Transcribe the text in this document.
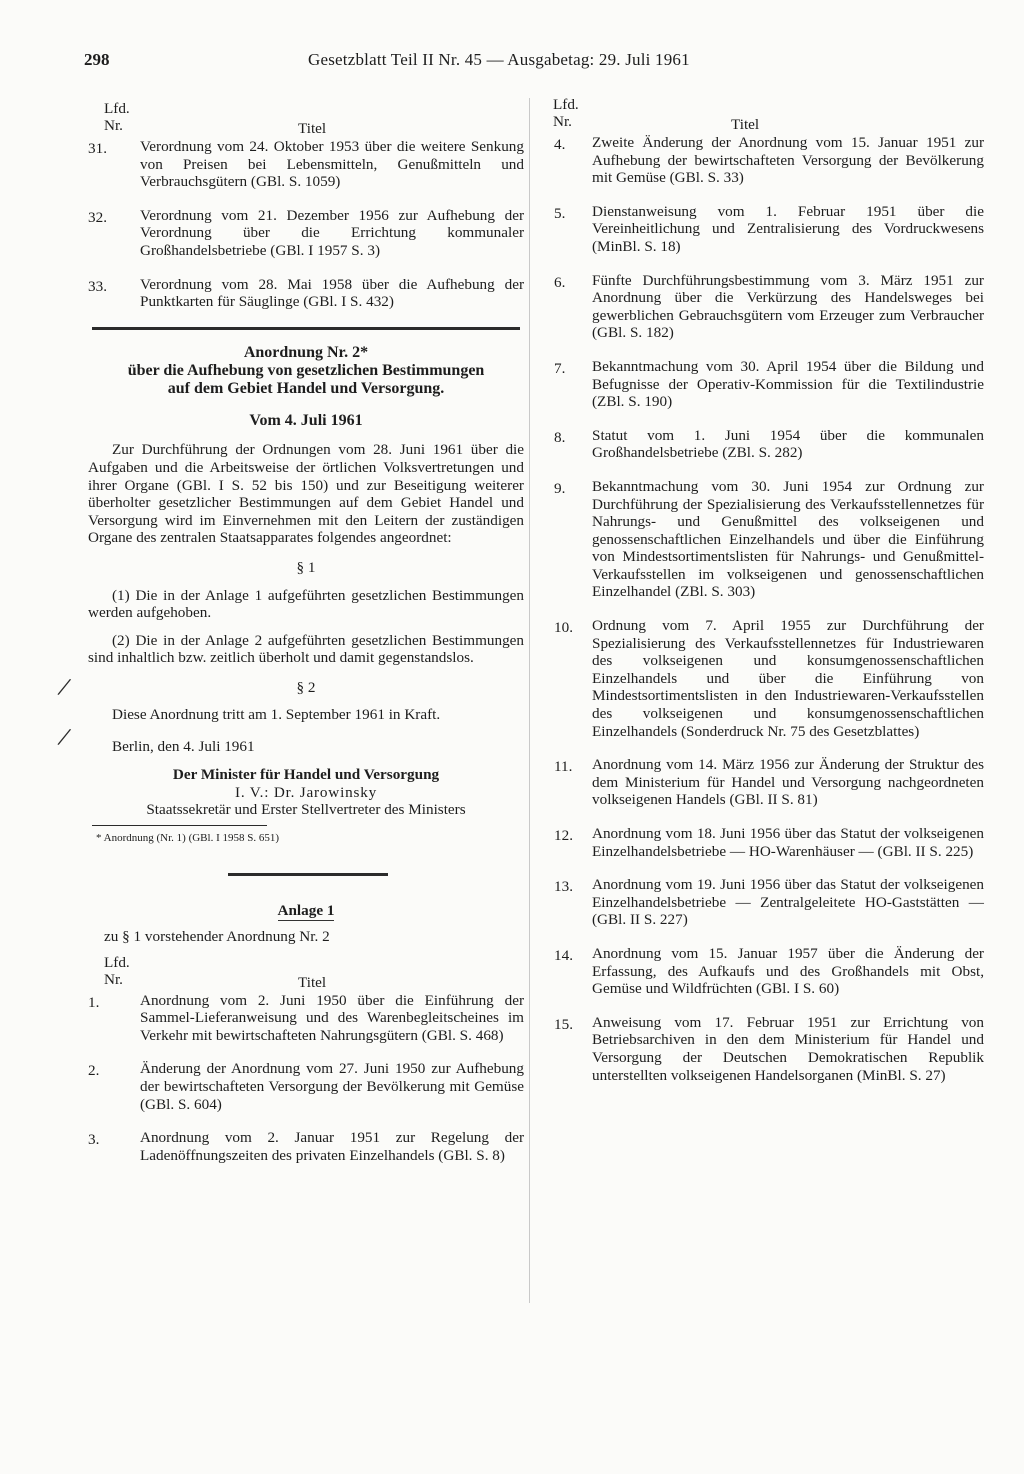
298	Gesetzblatt Teil II Nr. 45 — Ausgabetag: 29. Juli 1961
/
/
Lfd.
Nr.	Titel
31. Verordnung vom 24. Oktober 1953 über die weitere Senkung von Preisen bei Lebensmitteln, Genußmitteln und Verbrauchsgütern (GBl. S. 1059)
32. Verordnung vom 21. Dezember 1956 zur Aufhebung der Verordnung über die Errichtung kommunaler Großhandelsbetriebe (GBl. I 1957 S. 3)
33. Verordnung vom 28. Mai 1958 über die Aufhebung der Punktkarten für Säuglinge (GBl. I S. 432)
Anordnung Nr. 2*
über die Aufhebung von gesetzlichen Bestimmungen
auf dem Gebiet Handel und Versorgung.
Vom 4. Juli 1961

Zur Durchführung der Ordnungen vom 28. Juni 1961 über die Aufgaben und die Arbeitsweise der örtlichen Volksvertretungen und ihrer Organe (GBl. I S. 52 bis 150) und zur Beseitigung weiterer überholter gesetzlicher Bestimmungen auf dem Gebiet Handel und Versorgung wird im Einvernehmen mit den Leitern der zuständigen Organe des zentralen Staatsapparates folgendes angeordnet:

§ 1

(1) Die in der Anlage 1 aufgeführten gesetzlichen Bestimmungen werden aufgehoben.

(2) Die in der Anlage 2 aufgeführten gesetzlichen Bestimmungen sind inhaltlich bzw. zeitlich überholt und damit gegenstandslos.

§ 2

Diese Anordnung tritt am 1. September 1961 in Kraft.

Berlin, den 4. Juli 1961
Der Minister für Handel und Versorgung
I. V.: Dr. Jarowinsky
Staatssekretär und Erster Stellvertreter des Ministers
* Anordnung (Nr. 1) (GBl. I 1958 S. 651)
Anlage 1
zu § 1 vorstehender Anordnung Nr. 2
Lfd.
Nr.	Titel
1.	Anordnung vom 2. Juni 1950 über die Einführung der Sammel-Lieferanweisung und des Warenbegleitscheines im Verkehr mit bewirtschafteten Nahrungsgütern (GBl. S. 468)
2.	Änderung der Anordnung vom 27. Juni 1950 zur Aufhebung der bewirtschafteten Versorgung der Bevölkerung mit Gemüse (GBl. S. 604)
3.	Anordnung vom 2. Januar 1951 zur Regelung der Ladenöffnungszeiten des privaten Einzelhandels (GBl. S. 8)
Lfd.
Nr.	Titel
4. Zweite Änderung der Anordnung vom 15. Januar 1951 zur Aufhebung der bewirtschafteten Versorgung der Bevölkerung mit Gemüse (GBl. S. 33)
5. Dienstanweisung vom 1. Februar 1951 über die Vereinheitlichung und Zentralisierung des Vordruckwesens (MinBl. S. 18)
6. Fünfte Durchführungsbestimmung vom 3. März 1951 zur Anordnung über die Verkürzung des Handelsweges bei gewerblichen Gebrauchsgütern vom Erzeuger zum Verbraucher (GBl. S. 182)
7. Bekanntmachung vom 30. April 1954 über die Bildung und Befugnisse der Operativ-Kommission für die Textilindustrie (ZBl. S. 190)
8. Statut vom 1. Juni 1954 über die kommunalen Großhandelsbetriebe (ZBl. S. 282)
9. Bekanntmachung vom 30. Juni 1954 zur Ordnung zur Durchführung der Spezialisierung des Verkaufsstellennetzes für Nahrungs- und Genußmittel des volkseigenen und genossenschaftlichen Einzelhandels und über die Einführung von Mindestsortimentslisten für Nahrungs- und Genußmittel-Verkaufsstellen im volkseigenen und genossenschaftlichen Einzelhandel (ZBl. S. 303)
10. Ordnung vom 7. April 1955 zur Durchführung der Spezialisierung des Verkaufsstellennetzes für Industriewaren des volkseigenen und konsumgenossenschaftlichen Einzelhandels und über die Einführung von Mindestsortimentslisten in den Industriewaren-Verkaufsstellen des volkseigenen und konsumgenossenschaftlichen Einzelhandels (Sonderdruck Nr. 75 des Gesetzblattes)
11. Anordnung vom 14. März 1956 zur Änderung der Struktur des dem Ministerium für Handel und Versorgung nachgeordneten volkseigenen Handels (GBl. II S. 81)
12. Anordnung vom 18. Juni 1956 über das Statut der volkseigenen Einzelhandelsbetriebe — HO-Warenhäuser — (GBl. II S. 225)
13. Anordnung vom 19. Juni 1956 über das Statut der volkseigenen Einzelhandelsbetriebe — Zentralgeleitete HO-Gaststätten — (GBl. II S. 227)
14. Anordnung vom 15. Januar 1957 über die Änderung der Erfassung, des Aufkaufs und des Großhandels mit Obst, Gemüse und Wildfrüchten (GBl. I S. 60)
15. Anweisung vom 17. Februar 1951 zur Errichtung von Betriebsarchiven in den dem Ministerium für Handel und Versorgung der Deutschen Demokratischen Republik unterstellten volkseigenen Handelsorganen (MinBl. S. 27)
